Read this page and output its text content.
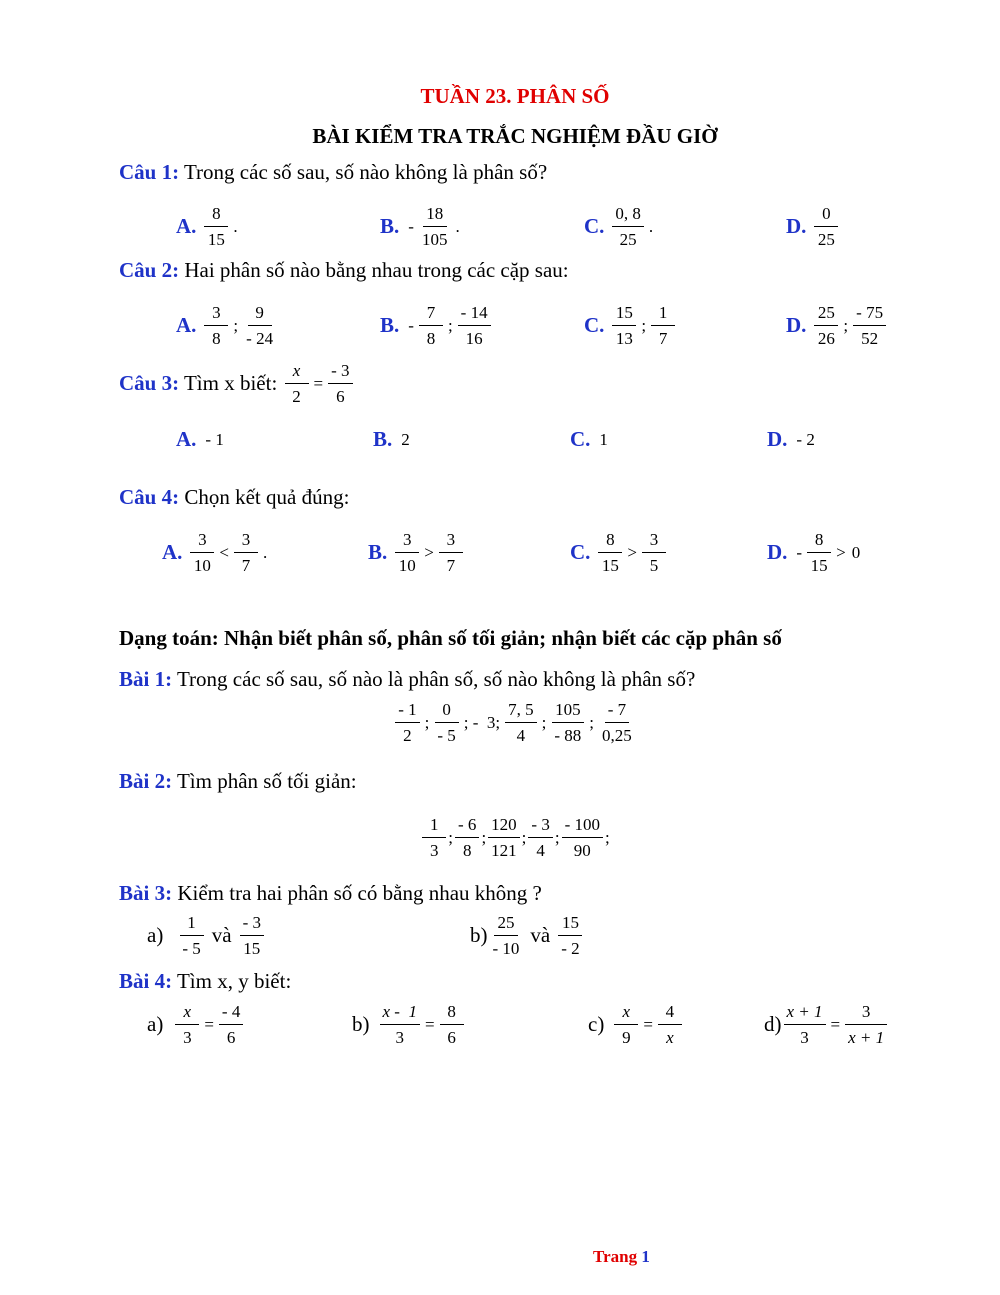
TUẦN 23. PHÂN SỐ
BÀI KIỂM TRA TRẮC NGHIỆM ĐẦU GIỜ
Câu 1: Trong các số sau, số nào không là phân số?
A. $\frac{8}{15}$ .	B. - $\frac{18}{105}$ .	C. $\frac{0, 8}{25}$ .	D. $\frac{0}{25}$
Câu 2: Hai phân số nào bằng nhau trong các cặp sau:
A. $\frac{3}{8}$ ; $\frac{9}{- 24}$	B. - $\frac{7}{8}$ ; $\frac{- 14}{16}$	C. $\frac{15}{13}$ ; $\frac{1}{7}$	D. $\frac{25}{26}$ ; $\frac{- 75}{52}$
Câu 3: Tìm x biết: $\frac{x}{2} = \frac{- 3}{6}$
A. - 1	B. 2	C. 1	D. - 2
Câu 4: Chọn kết quả đúng:
A. $\frac{3}{10} < \frac{3}{7}$ .	B. $\frac{3}{10} > \frac{3}{7}$	C. $\frac{8}{15} > \frac{3}{5}$	D. - $\frac{8}{15} > 0$
Dạng toán: Nhận biết phân số, phân số tối giản; nhận biết các cặp phân số
Bài 1: Trong các số sau, số nào là phân số, số nào không là phân số?
$\frac{- 1}{2}$ ; $\frac{0}{- 5}$ ; -  3; $\frac{7, 5}{4}$ ; $\frac{105}{- 88}$ ; $\frac{- 7}{0,25}$
Bài 2: Tìm phân số tối giản:
$\frac{1}{3}$ ; $\frac{- 6}{8}$ ; $\frac{120}{121}$ ; $\frac{- 3}{4}$ ; $\frac{- 100}{90}$ ;
Bài 3: Kiểm tra hai phân số có bằng nhau không ?
$a) \frac{1}{- 5}$ và $\frac{- 3}{15}$	$b) \frac{25}{- 10}$ và $\frac{15}{- 2}$
Bài 4: Tìm x, y biết:
$a) \frac{x}{3} = \frac{- 4}{6}$	$b) \frac{x - 1}{3} = \frac{8}{6}$	$c) \frac{x}{9} = \frac{4}{x}$	$d) \frac{x + 1}{3} = \frac{3}{x + 1}$
Trang 1
